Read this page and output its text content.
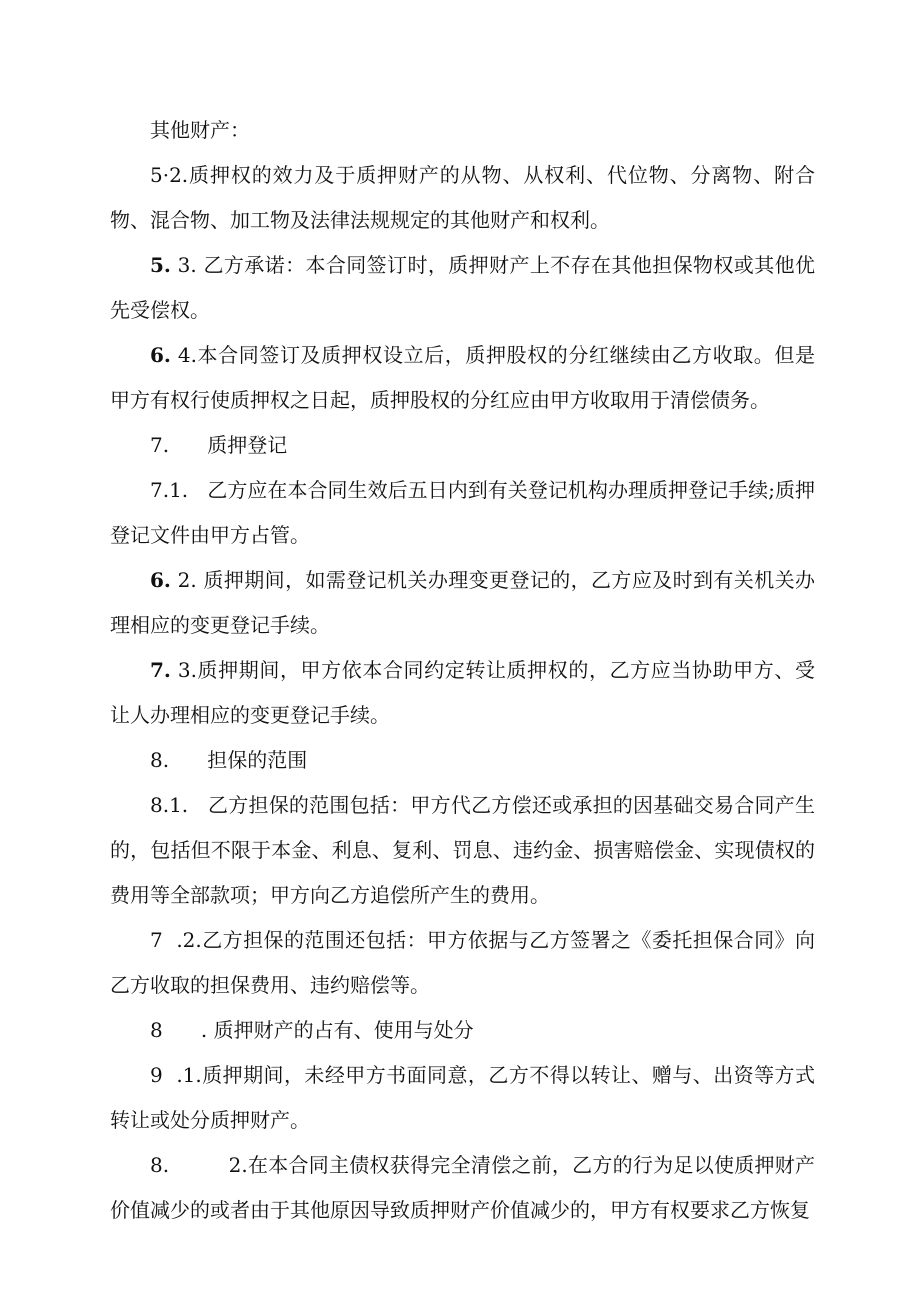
其他财产：

5·2.质押权的效力及于质押财产的从物、从权利、代位物、分离物、附合物、混合物、加工物及法律法规规定的其他财产和权利。

5. 3. 乙方承诺：本合同签订时，质押财产上不存在其他担保物权或其他优先受偿权。

6. 4.本合同签订及质押权设立后，质押股权的分红继续由乙方收取。但是甲方有权行使质押权之日起，质押股权的分红应由甲方收取用于清偿债务。

7.      质押登记

7.1.   乙方应在本合同生效后五日内到有关登记机构办理质押登记手续;质押登记文件由甲方占管。

6. 2. 质押期间，如需登记机关办理变更登记的，乙方应及时到有关机关办理相应的变更登记手续。

7. 3.质押期间，甲方依本合同约定转让质押权的，乙方应当协助甲方、受让人办理相应的变更登记手续。

8.      担保的范围

8.1.   乙方担保的范围包括：甲方代乙方偿还或承担的因基础交易合同产生的，包括但不限于本金、利息、复利、罚息、违约金、损害赔偿金、实现债权的费用等全部款项；甲方向乙方追偿所产生的费用。

7  .2.乙方担保的范围还包括：甲方依据与乙方签署之《委托担保合同》向乙方收取的担保费用、违约赔偿等。

8      . 质押财产的占有、使用与处分

9  .1.质押期间，未经甲方书面同意，乙方不得以转让、赠与、出资等方式转让或处分质押财产。

8.         2.在本合同主债权获得完全清偿之前，乙方的行为足以使质押财产价值减少的或者由于其他原因导致质押财产价值减少的，甲方有权要求乙方恢复
